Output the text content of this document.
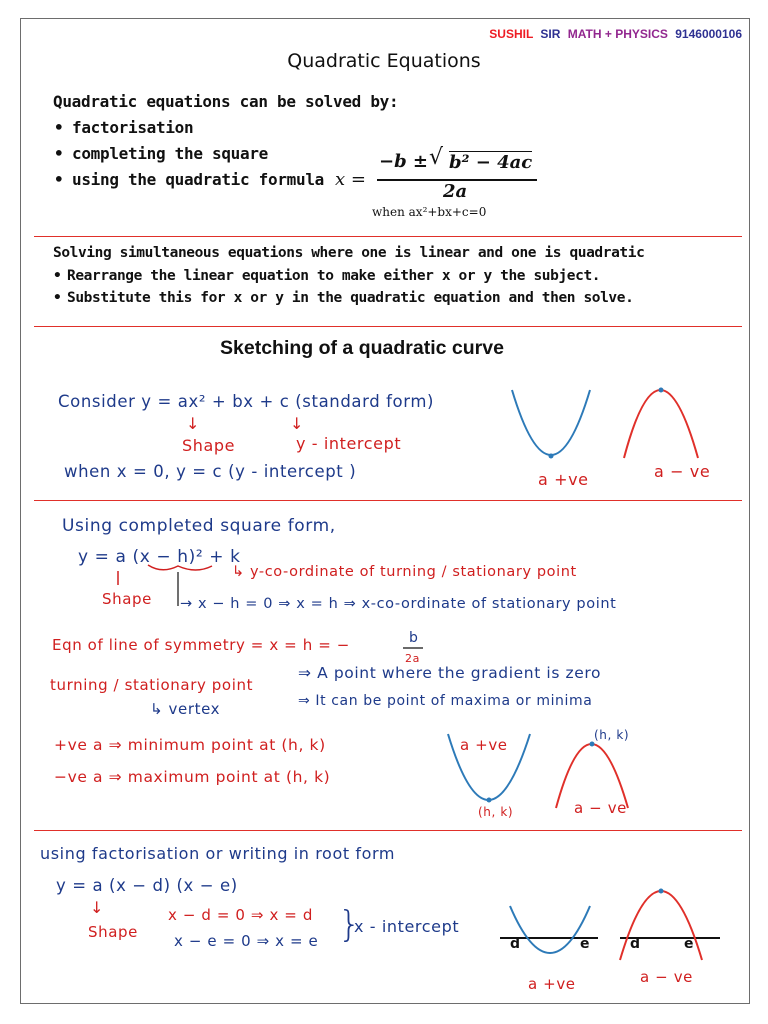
SUSHIL SIR MATH + PHYSICS 9146000106
Quadratic Equations
Quadratic equations can be solved by:
• factorisation
• completing the square
• using the quadratic formula x =
−b ± √ b² − 4ac
2a
when ax²+bx+c=0
Solving simultaneous equations where one is linear and one is quadratic
• Rearrange the linear equation to make either x or y the subject.
• Substitute this for x or y in the quadratic equation and then solve.
Sketching of a quadratic curve
Consider y = ax² + bx + c (standard form)
↓	↓
Shape	y - intercept
when x = 0, y = c (y - intercept )	a +ve	a − ve
Using completed square form,
y = a (x − h)² + k
↳ y-co-ordinate of turning / stationary point
Shape → x − h = 0 ⇒ x = h ⇒ x-co-ordinate of stationary point
Eqn of line of symmetry = x = h = −	b
2a
turning / stationary point
⇒ A point where the gradient is zero
↳ vertex	⇒ It can be point of maxima or minima
+ve a ⇒ minimum point at (h, k)
−ve a ⇒ maximum point at (h, k)
a +ve
a − ve
(h, k)
(h, k)
using factorisation or writing in root form
y = a (x − d) (x − e)
↓	x − d = 0 ⇒ x = d
Shape x − e = 0 ⇒ x = e }
x - intercept
d	e	d	e
a +ve	a − ve
